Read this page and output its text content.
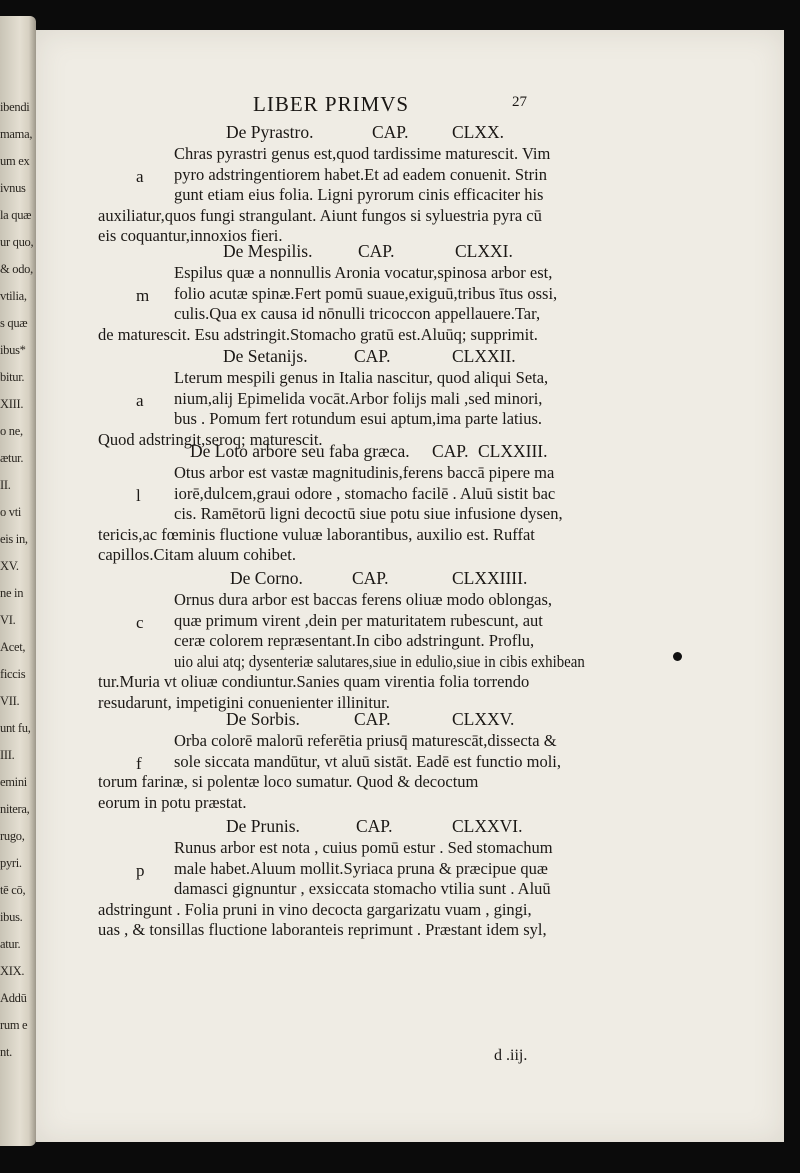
ibendi
mama,
um ex
ivnus
la quæ
ur quo,
& odo,
vtilia,
s quæ
ibus*
bitur.
XIII.
o ne,
ætur.
II.
o vti
eis in,
XV.
ne in
VI.
Acet,
ficcis
VII.
unt fu,
III.
emini
nitera,
rugo,
pyri.
tē cō,
ibus.
atur.
XIX.
Addū
rum e
nt.
LIBER PRIMVS	27
De Pyrastro.	CAP. CLXX.
a
Chras pyrastri genus est,quod tardissime maturescit. Vim
pyro adstringentiorem habet.Et ad eadem conuenit. Strin
gunt etiam eius folia. Ligni pyrorum cinis efficaciter his
auxiliatur,quos fungi strangulant. Aiunt fungos si syluestria pyra cū
eis coquantur,innoxios fieri.
De Mespilis.	CAP.	CLXXI.
m
Espilus quæ a nonnullis Aronia vocatur,spinosa arbor est,
folio acutæ spinæ.Fert pomū suaue,exiguū,tribus ītus ossi,
culis.Qua ex causa id nōnulli tricoccon appellauere.Tar,
de maturescit. Esu adstringit.Stomacho gratū est.Aluūq; supprimit.
De Setanijs.	CAP.	CLXXII.
a
Lterum mespili genus in Italia nascitur, quod aliqui Seta,
nium,alij Epimelida vocāt.Arbor folijs mali ,sed minori,
bus . Pomum fert rotundum esui aptum,ima parte latius.
Quod adstringit,seroq; maturescit.
De Loto arbore seu faba græca. CAP. CLXXIII.
l
Otus arbor est vastæ magnitudinis,ferens baccā pipere ma
iorē,dulcem,graui odore , stomacho facilē . Aluū sistit bac
cis. Ramētorū ligni decoctū siue potu siue infusione dysen,
tericis,ac fœminis fluctione vuluæ laborantibus, auxilio est. Ruffat
capillos.Citam aluum cohibet.
De Corno.	CAP.	CLXXIIII.
c
Ornus dura arbor est baccas ferens oliuæ modo oblongas,
quæ primum virent ,dein per maturitatem rubescunt, aut
ceræ colorem repræsentant.In cibo adstringunt. Proflu,
uio alui atq; dysenteriæ salutares,siue in edulio,siue in cibis exhibean
tur.Muria vt oliuæ condiuntur.Sanies quam virentia folia torrendo
resudarunt, impetigini conuenienter illinitur.
De Sorbis.	CAP.	CLXXV.
f
Orba colorē malorū referētia priusq̄ maturescāt,dissecta &
sole siccata mandūtur, vt aluū sistāt. Eadē est functio moli,
torum farinæ, si polentæ loco sumatur. Quod & decoctum
eorum in potu præstat.
De Prunis.	CAP.	CLXXVI.
p
Runus arbor est nota , cuius pomū estur . Sed stomachum
male habet.Aluum mollit.Syriaca pruna & præcipue quæ
damasci gignuntur , exsiccata stomacho vtilia sunt . Aluū
adstringunt . Folia pruni in vino decocta gargarizatu vuam , gingi,
uas , & tonsillas fluctione laboranteis reprimunt . Præstant idem syl,
d .iij.
